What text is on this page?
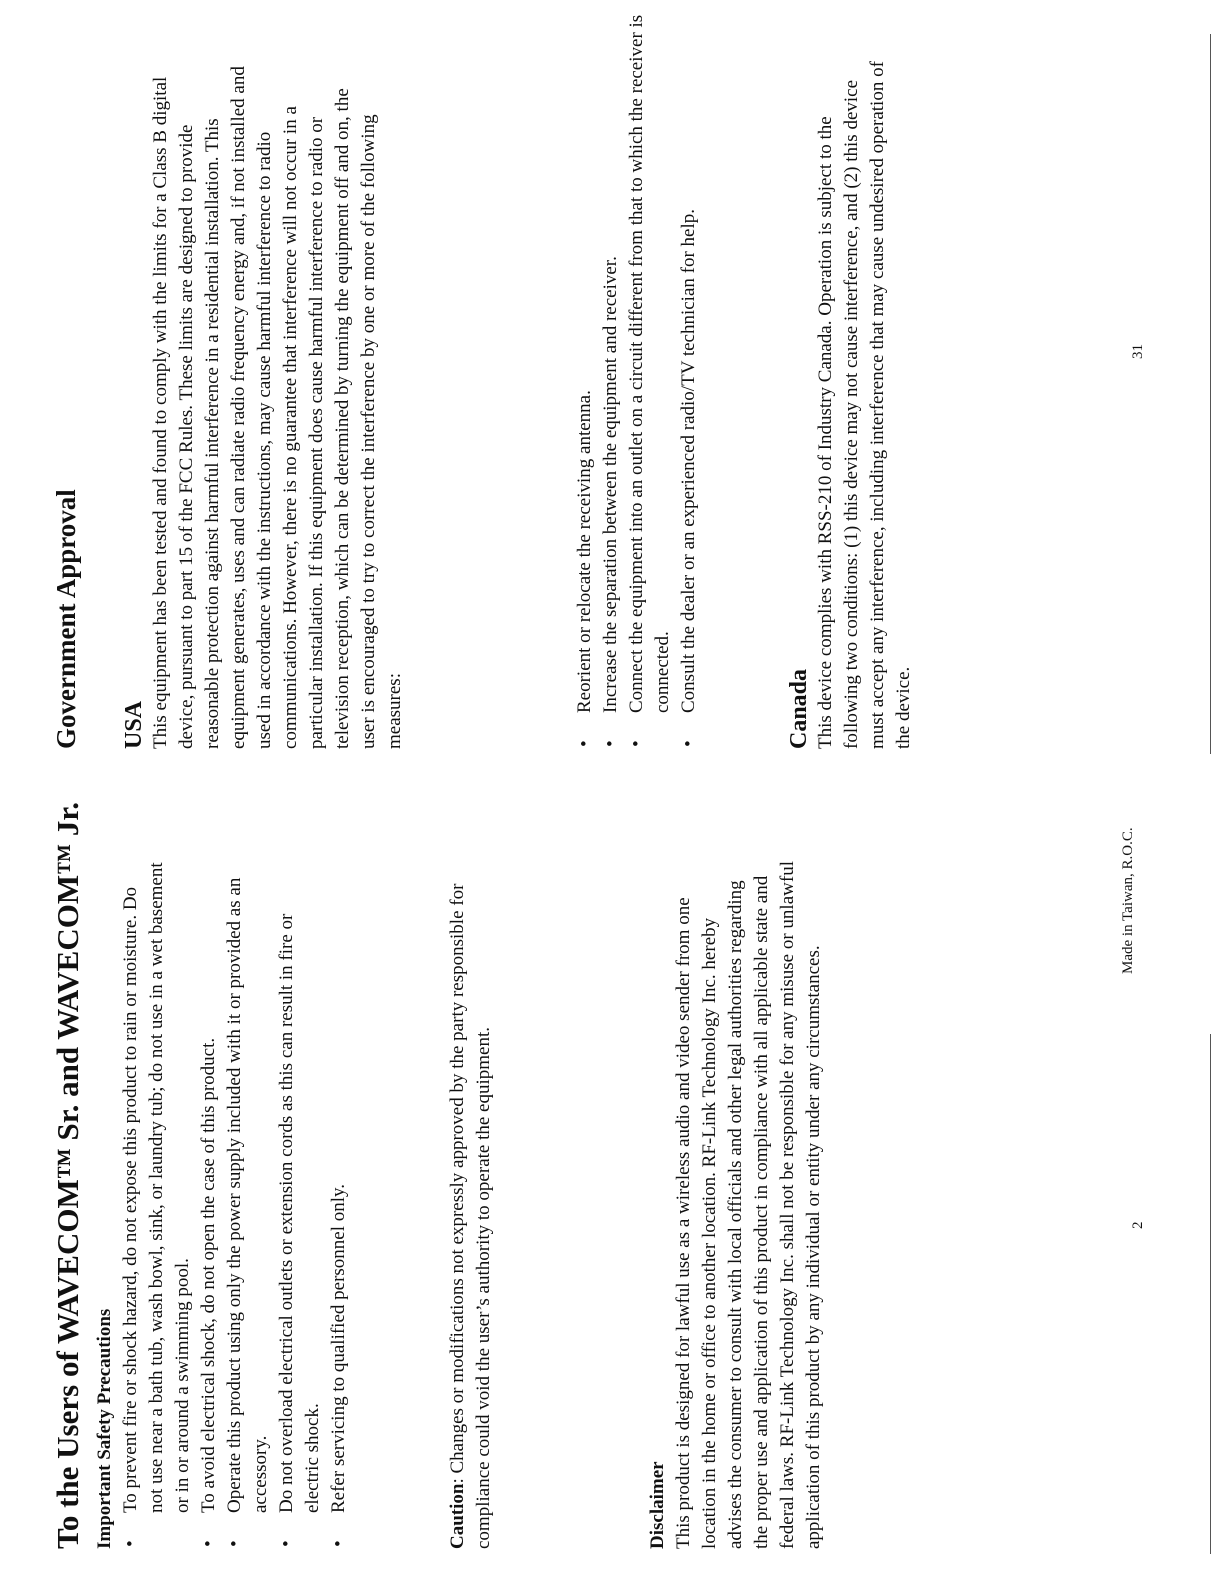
To the Users of WAVECOM™ Sr. and WAVECOM™ Jr. Important Safety Precautions •
To prevent fire or shock hazard, do not expose this product to rain or moisture. Do not use near a bath tub, wash bowl, sink, or laundry tub; do not use in a wet basement or in or around a swimming pool.
•
To avoid electrical shock, do not open the case of this product.
•
Operate this product using only the power supply included with it or provided as an accessory.
•
Do not overload electrical outlets or extension cords as this can result in fire or electric shock.
•
Refer servicing to qualified personnel only.
Caution: Changes or modifications not expressly approved by the party responsible for compliance could void the user’s authority to operate the equipment.	Disclaimer This product is designed for lawful use as a wireless audio and video sender from one location in the home or office to another location. RF-Link Technology Inc. hereby advises the consumer to consult with local officials and other legal authorities regarding the proper use and application of this product in compliance with all applicable state and federal laws. RF-Link Technology Inc. shall not be responsible for any misuse or unlawful application of this product by any individual or entity under any circumstances.	2
Made in Taiwan, R.O.C.
Government Approval USA This equipment has been tested and found to comply with the limits for a Class B digital device, pursuant to part 15 of the FCC Rules. These limits are designed to provide reasonable protection against harmful interference in a residential installation. This equipment generates, uses and can radiate radio frequency energy and, if not installed and used in accordance with the instructions, may cause harmful interference to radio communications. However, there is no guarantee that interference will not occur in a particular installation. If this equipment does cause harmful interference to radio or television reception, which can be determined by turning the equipment off and on, the user is encouraged to try to correct the interference by one or more of the following measures:	•
Reorient or relocate the receiving antenna.
•
Increase the separation between the equipment and receiver.
•
Connect the equipment into an outlet on a circuit different from that to which the receiver is connected.
•
Consult the dealer or an experienced radio/TV technician for help.	Canada This device complies with RSS-210 of Industry Canada. Operation is subject to the following two conditions: (1) this device may not cause interference, and (2) this device must accept any interference, including interference that may cause undesired operation of the device.

31
